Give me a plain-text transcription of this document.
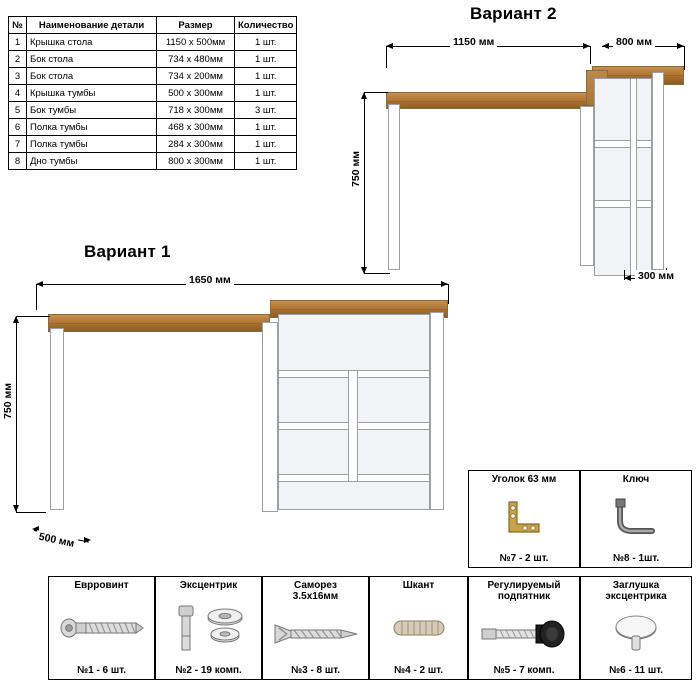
№	Наименование детали	Размер	Количество
1	Крышка стола	1150 x 500мм	1 шт.
2	Бок стола	734 х 480мм	1 шт.
3	Бок стола	734 х 200мм	1 шт.
4	Крышка тумбы	500 х 300мм	1 шт.
5	Бок тумбы	718 х 300мм	3 шт.
6	Полка тумбы	468 х 300мм	1 шт.
7	Полка тумбы	284 х 300мм	1 шт.
8	Дно тумбы	800 х 300мм	1 шт.
Вариант 2
1150 мм	800 мм
750 мм
300 мм
Вариант 1
1650 мм
750 мм
500 мм
Уголок 63 мм
№7 - 2 шт.
Ключ
№8 - 1шт.
Еврровинт
№1 - 6 шт.
Эксцентрик
№2 - 19 комп.
Саморез
3.5x16мм
№3 - 8 шт.
Шкант
№4 - 2 шт.
Регулируемый
подпятник
№5 - 7 комп.
Заглушка
эксцентрика
№6 - 11 шт.
